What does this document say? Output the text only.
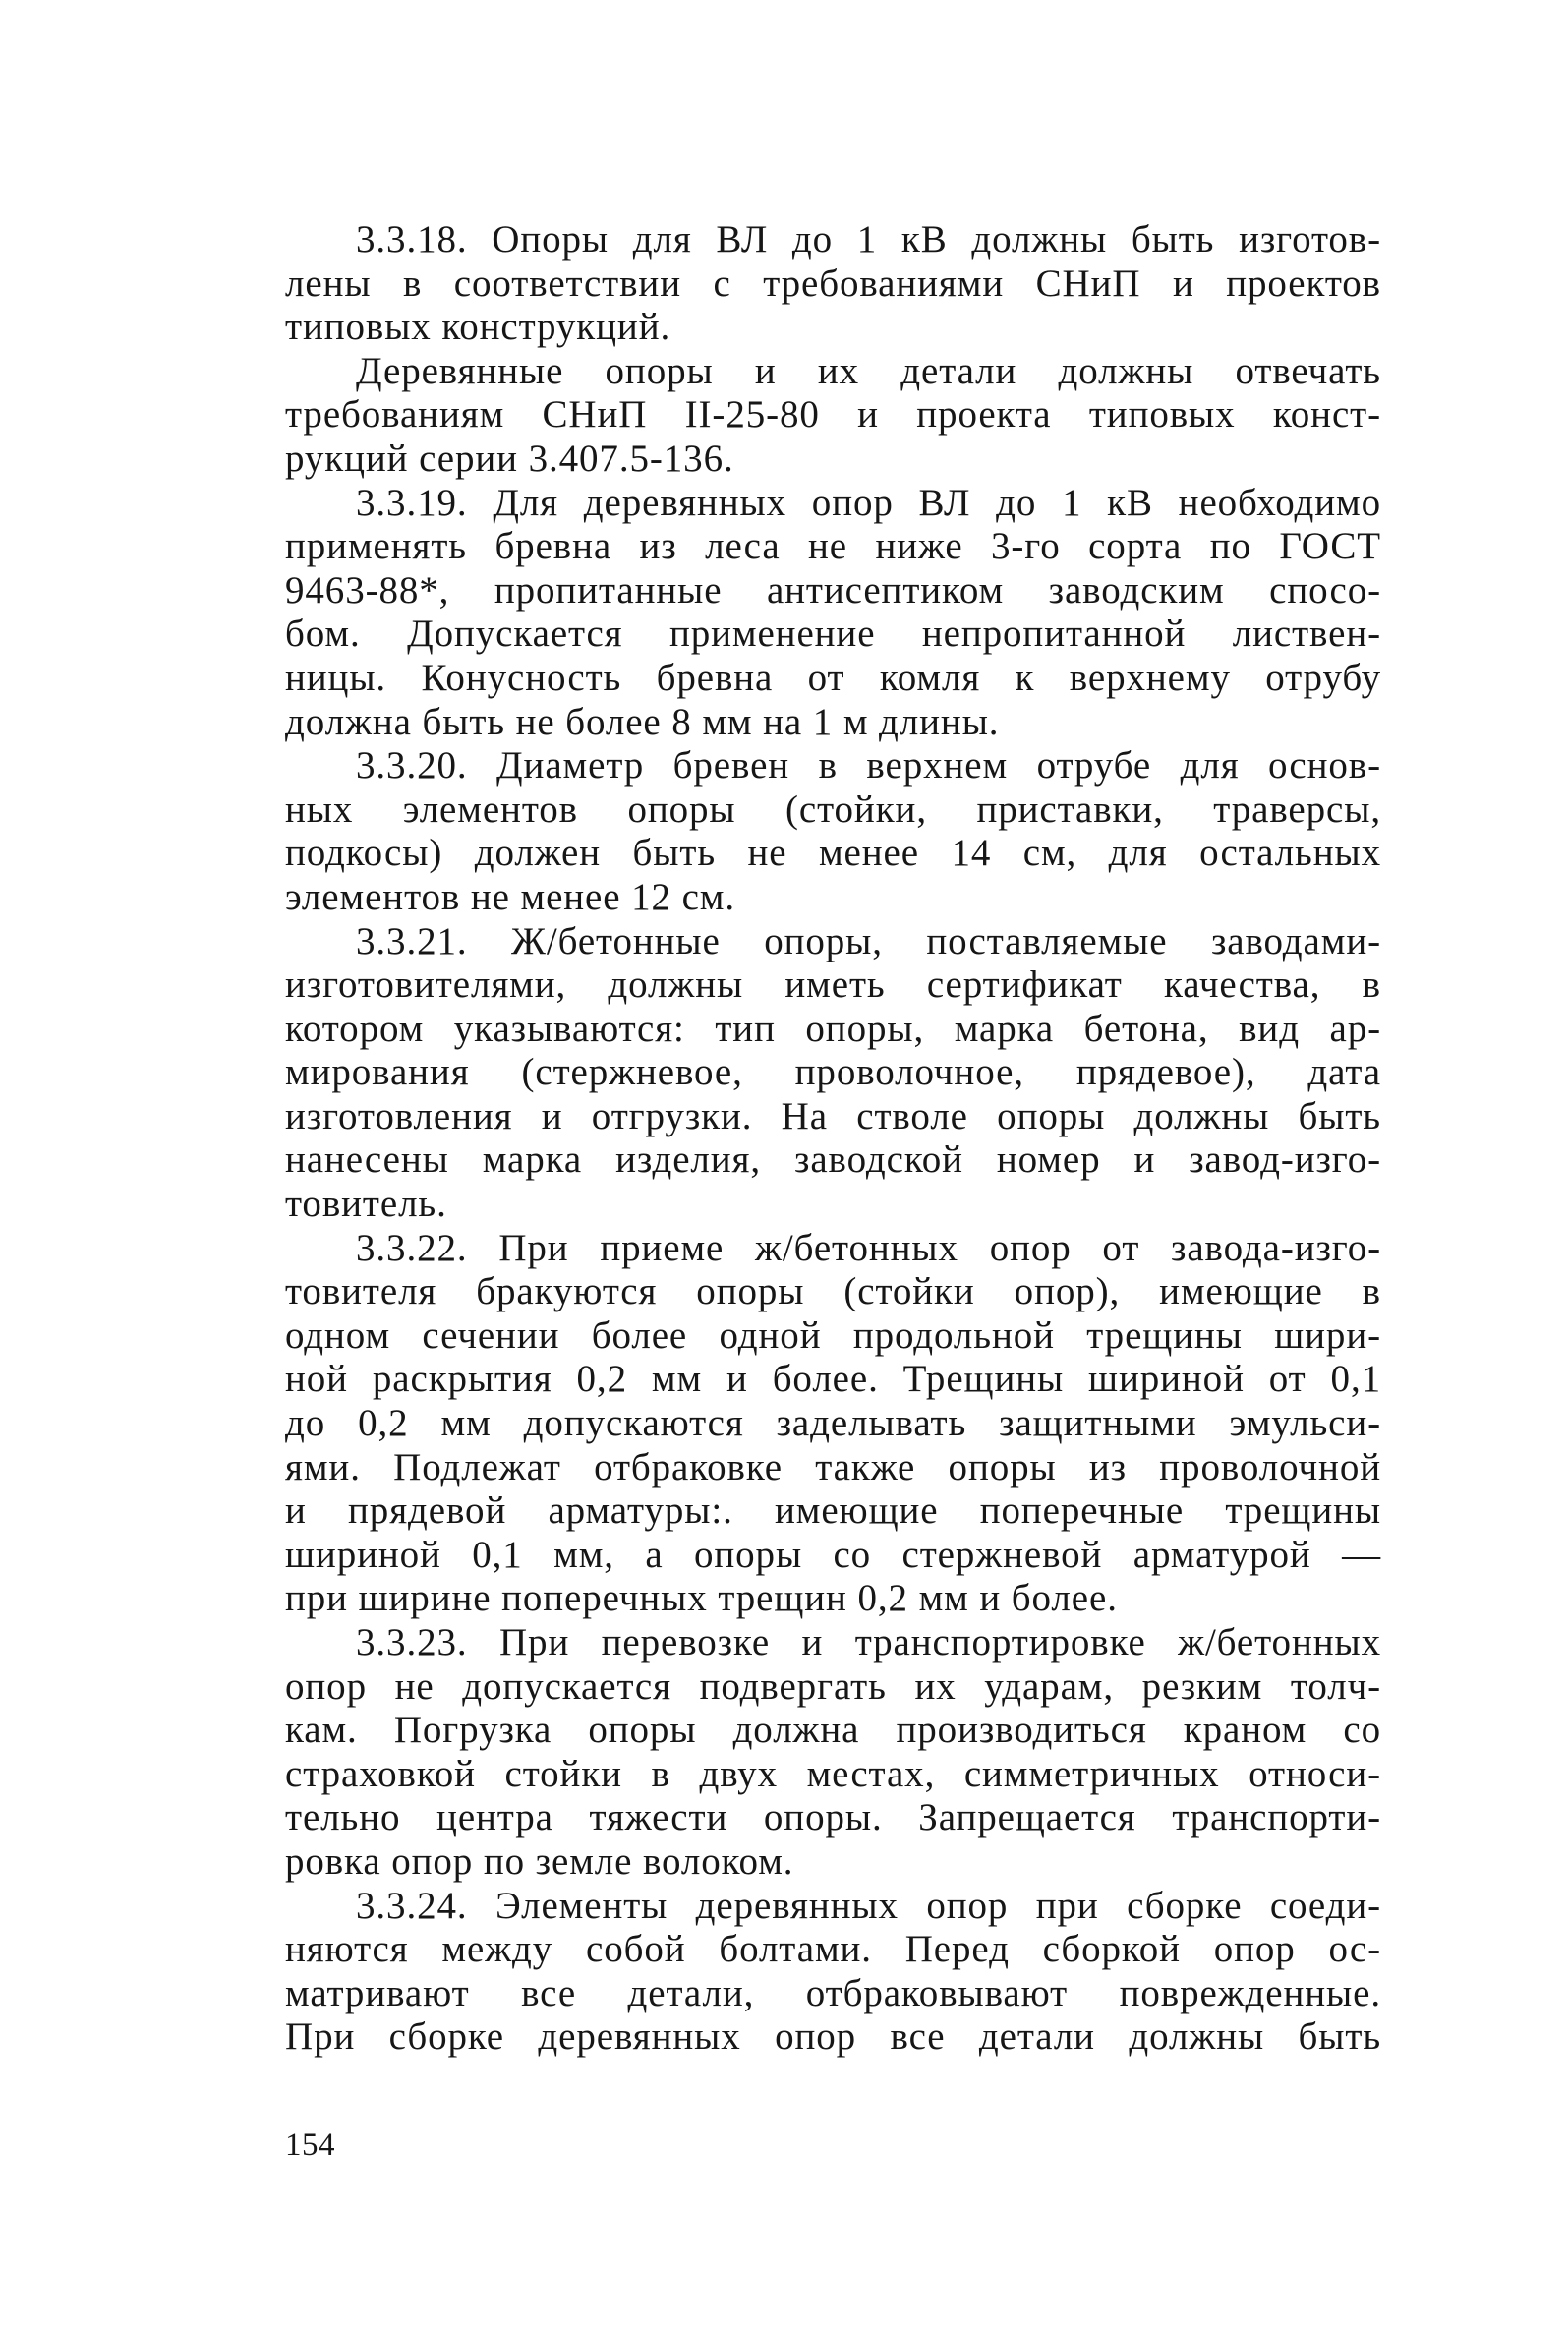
3.3.18. Опоры для ВЛ до 1 кВ должны быть изготов-
лены в соответствии с требованиями СНиП и проектов
типовых конструкций.
Деревянные опоры и их детали должны отвечать
требованиям СНиП II-25-80 и проекта типовых конст-
рукций серии 3.407.5-136.
3.3.19. Для деревянных опор ВЛ до 1 кВ необходимо
применять бревна из леса не ниже 3-го сорта по ГОСТ
9463-88*, пропитанные антисептиком заводским спосо-
бом. Допускается применение непропитанной листвен-
ницы. Конусность бревна от комля к верхнему отрубу
должна быть не более 8 мм на 1 м длины.
3.3.20. Диаметр бревен в верхнем отрубе для основ-
ных элементов опоры (стойки, приставки, траверсы,
подкосы) должен быть не менее 14 см, для остальных
элементов не менее 12 см.
3.3.21. Ж/бетонные опоры, поставляемые заводами-
изготовителями, должны иметь сертификат качества, в
котором указываются: тип опоры, марка бетона, вид ар-
мирования (стержневое, проволочное, прядевое), дата
изготовления и отгрузки. На стволе опоры должны быть
нанесены марка изделия, заводской номер и завод-изго-
товитель.
3.3.22. При приеме ж/бетонных опор от завода-изго-
товителя бракуются опоры (стойки опор), имеющие в
одном сечении более одной продольной трещины шири-
ной раскрытия 0,2 мм и более. Трещины шириной от 0,1
до 0,2 мм допускаются заделывать защитными эмульси-
ями. Подлежат отбраковке также опоры из проволочной
и прядевой арматуры:. имеющие поперечные трещины
шириной 0,1 мм, а опоры со стержневой арматурой —
при ширине поперечных трещин 0,2 мм и более.
3.3.23. При перевозке и транспортировке ж/бетонных
опор не допускается подвергать их ударам, резким толч-
кам. Погрузка опоры должна производиться краном со
страховкой стойки в двух местах, симметричных относи-
тельно центра тяжести опоры. Запрещается транспорти-
ровка опор по земле волоком.
3.3.24. Элементы деревянных опор при сборке соеди-
няются между собой болтами. Перед сборкой опор ос-
матривают все детали, отбраковывают поврежденные.
При сборке деревянных опор все детали должны быть
154
